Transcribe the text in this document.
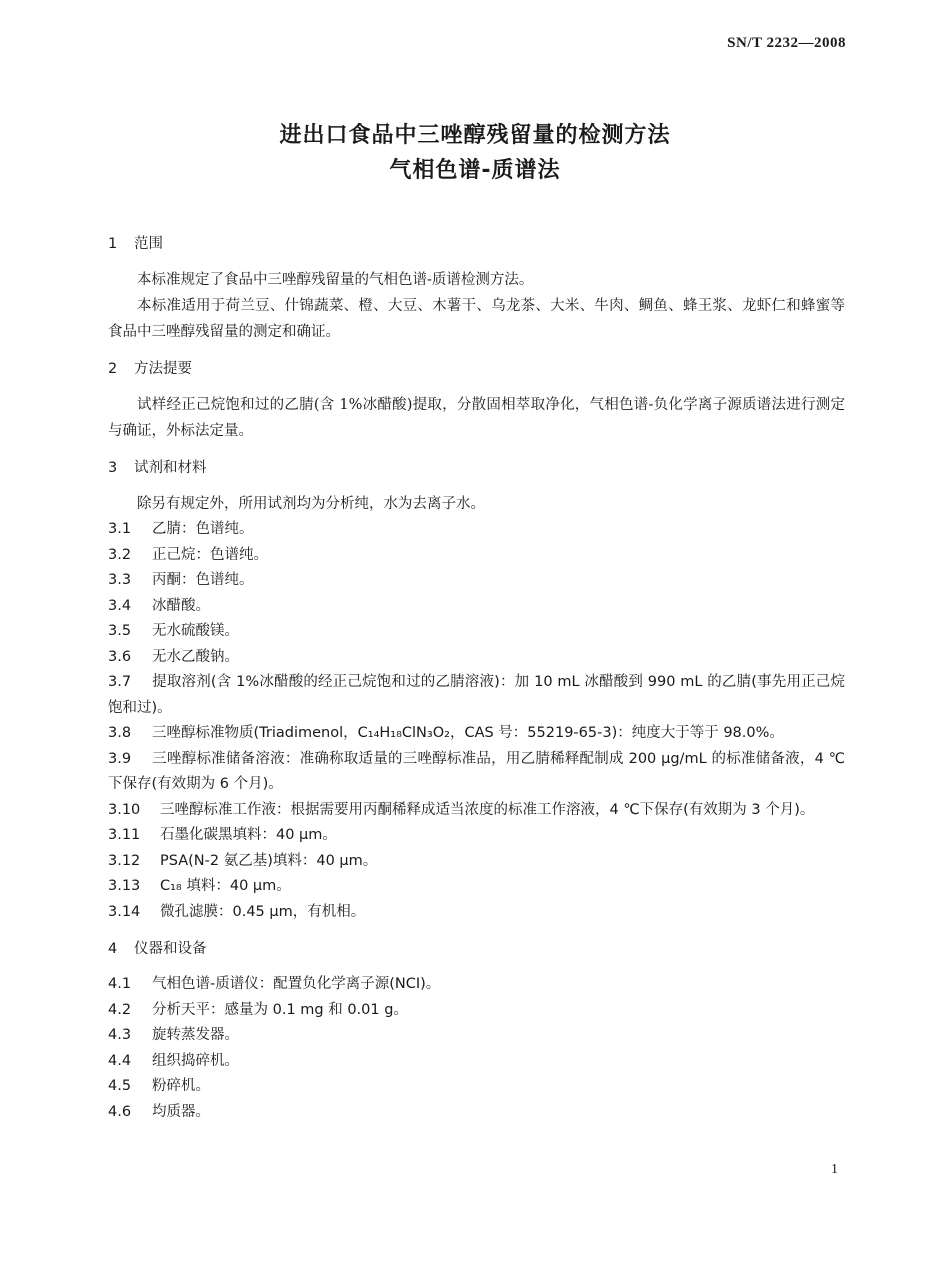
SN/T 2232—2008
进出口食品中三唑醇残留量的检测方法
气相色谱-质谱法
1 范围

本标准规定了食品中三唑醇残留量的气相色谱-质谱检测方法。

本标准适用于荷兰豆、什锦蔬菜、橙、大豆、木薯干、乌龙茶、大米、牛肉、鲷鱼、蜂王浆、龙虾仁和蜂蜜等食品中三唑醇残留量的测定和确证。

2 方法提要

试样经正己烷饱和过的乙腈(含 1%冰醋酸)提取，分散固相萃取净化，气相色谱-负化学离子源质谱法进行测定与确证，外标法定量。

3 试剂和材料

除另有规定外，所用试剂均为分析纯，水为去离子水。

3.1 乙腈：色谱纯。

3.2 正己烷：色谱纯。

3.3 丙酮：色谱纯。

3.4 冰醋酸。

3.5 无水硫酸镁。

3.6 无水乙酸钠。

3.7 提取溶剂(含 1%冰醋酸的经正己烷饱和过的乙腈溶液)：加 10 mL 冰醋酸到 990 mL 的乙腈(事先用正己烷饱和过)。

3.8 三唑醇标准物质(Triadimenol，C₁₄H₁₈ClN₃O₂，CAS 号：55219-65-3)：纯度大于等于 98.0%。

3.9 三唑醇标准储备溶液：准确称取适量的三唑醇标准品，用乙腈稀释配制成 200 μg/mL 的标准储备液，4 ℃下保存(有效期为 6 个月)。

3.10 三唑醇标准工作液：根据需要用丙酮稀释成适当浓度的标准工作溶液，4 ℃下保存(有效期为 3 个月)。

3.11 石墨化碳黑填料：40 μm。

3.12 PSA(N-2 氨乙基)填料：40 μm。

3.13 C₁₈ 填料：40 μm。

3.14 微孔滤膜：0.45 μm，有机相。

4 仪器和设备

4.1 气相色谱-质谱仪：配置负化学离子源(NCI)。

4.2 分析天平：感量为 0.1 mg 和 0.01 g。

4.3 旋转蒸发器。

4.4 组织捣碎机。

4.5 粉碎机。

4.6 均质器。

1
